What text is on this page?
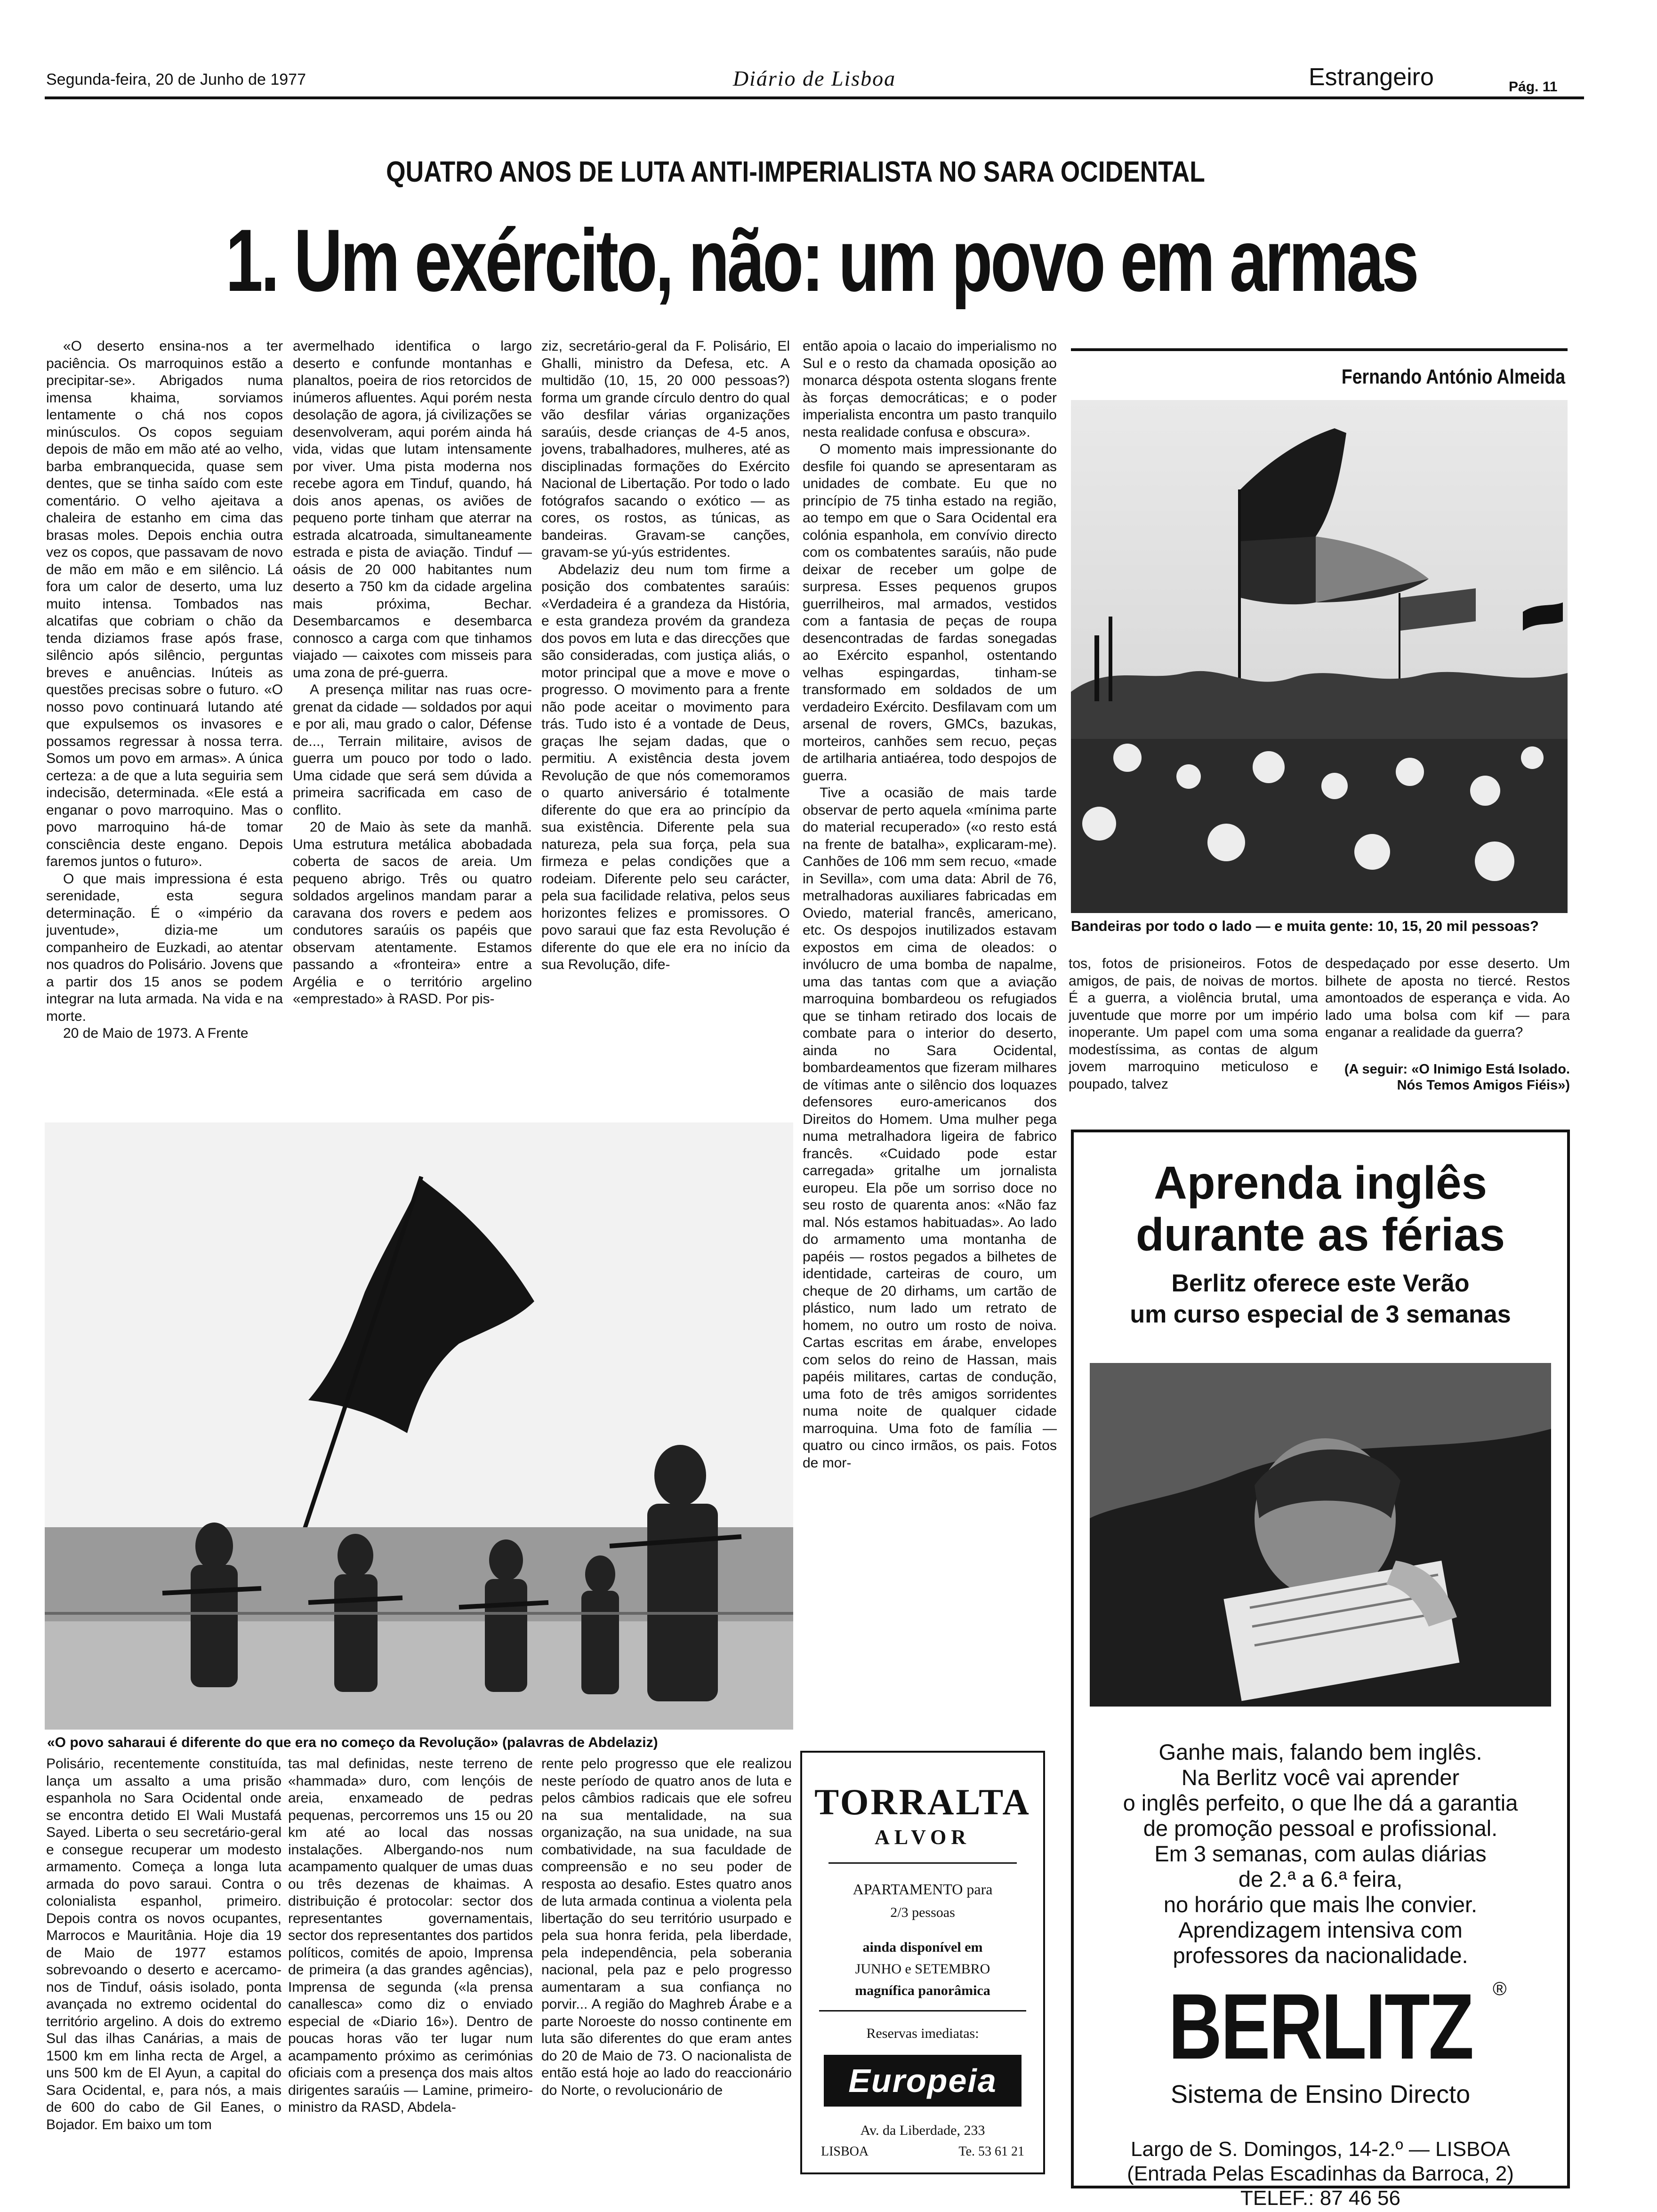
Segunda-feira, 20 de Junho de 1977	Diário de Lisboa	Estrangeiro	Pág. 11
QUATRO ANOS DE LUTA ANTI-IMPERIALISTA NO SARA OCIDENTAL
1. Um exército, não: um povo em armas

«O deserto ensina-nos a ter paciência. Os marroquinos estão a precipitar-se». Abrigados numa imensa khaima, sorviamos lentamente o chá nos copos minúsculos. Os copos seguiam depois de mão em mão até ao velho, barba embranquecida, quase sem dentes, que se tinha saído com este comentário. O velho ajeitava a chaleira de estanho em cima das brasas moles. Depois enchia outra vez os copos, que passavam de novo de mão em mão e em silêncio. Lá fora um calor de deserto, uma luz muito intensa. Tombados nas alcatifas que cobriam o chão da tenda diziamos frase após frase, silêncio após silêncio, perguntas breves e anuências. Inúteis as questões precisas sobre o futuro. «O nosso povo continuará lutando até que expulsemos os invasores e possamos regressar à nossa terra. Somos um povo em armas». A única certeza: a de que a luta seguiria sem indecisão, determinada. «Ele está a enganar o povo marroquino. Mas o povo marroquino há-de tomar consciência deste engano. Depois faremos juntos o futuro».

O que mais impressiona é esta serenidade, esta segura determinação. É o «império da juventude», dizia-me um companheiro de Euzkadi, ao atentar nos quadros do Polisário. Jovens que a partir dos 15 anos se podem integrar na luta armada. Na vida e na morte.

20 de Maio de 1973. A Frente

avermelhado identifica o largo deserto e confunde montanhas e planaltos, poeira de rios retorcidos de inúmeros afluentes. Aqui porém nesta desolação de agora, já civilizações se desenvolveram, aqui porém ainda há vida, vidas que lutam intensamente por viver. Uma pista moderna nos recebe agora em Tinduf, quando, há dois anos apenas, os aviões de pequeno porte tinham que aterrar na estrada alcatroada, simultaneamente estrada e pista de aviação. Tinduf — oásis de 20 000 habitantes num deserto a 750 km da cidade argelina mais próxima, Bechar. Desembarcamos e desembarca connosco a carga com que tinhamos viajado — caixotes com misseis para uma zona de pré-guerra.

A presença militar nas ruas ocre-grenat da cidade — soldados por aqui e por ali, mau grado o calor, Défense de..., Terrain militaire, avisos de guerra um pouco por todo o lado. Uma cidade que será sem dúvida a primeira sacrificada em caso de conflito.

20 de Maio às sete da manhã. Uma estrutura metálica abobadada coberta de sacos de areia. Um pequeno abrigo. Três ou quatro soldados argelinos mandam parar a caravana dos rovers e pedem aos condutores saraúis os papéis que observam atentamente. Estamos passando a «fronteira» entre a Argélia e o território argelino «emprestado» à RASD. Por pis-

ziz, secretário-geral da F. Polisário, El Ghalli, ministro da Defesa, etc. A multidão (10, 15, 20 000 pessoas?) forma um grande círculo dentro do qual vão desfilar várias organizações saraúis, desde crianças de 4-5 anos, jovens, trabalhadores, mulheres, até as disciplinadas formações do Exército Nacional de Libertação. Por todo o lado fotógrafos sacando o exótico — as cores, os rostos, as túnicas, as bandeiras. Gravam-se canções, gravam-se yú-yús estridentes.

Abdelaziz deu num tom firme a posição dos combatentes saraúis: «Verdadeira é a grandeza da História, e esta grandeza provém da grandeza dos povos em luta e das direcções que são consideradas, com justiça aliás, o motor principal que a move e move o progresso. O movimento para a frente não pode aceitar o movimento para trás. Tudo isto é a vontade de Deus, graças lhe sejam dadas, que o permitiu. A existência desta jovem Revolução de que nós comemoramos o quarto aniversário é totalmente diferente do que era ao princípio da sua existência. Diferente pela sua natureza, pela sua força, pela sua firmeza e pelas condições que a rodeiam. Diferente pelo seu carácter, pela sua facilidade relativa, pelos seus horizontes felizes e promissores. O povo saraui que faz esta Revolução é diferente do que ele era no início da sua Revolução, dife-

então apoia o lacaio do imperialismo no Sul e o resto da chamada oposição ao monarca déspota ostenta slogans frente às forças democráticas; e o poder imperialista encontra um pasto tranquilo nesta realidade confusa e obscura».

O momento mais impressionante do desfile foi quando se apresentaram as unidades de combate. Eu que no princípio de 75 tinha estado na região, ao tempo em que o Sara Ocidental era colónia espanhola, em convívio directo com os combatentes saraúis, não pude deixar de receber um golpe de surpresa. Esses pequenos grupos guerrilheiros, mal armados, vestidos com a fantasia de peças de roupa desencontradas de fardas sonegadas ao Exército espanhol, ostentando velhas espingardas, tinham-se transformado em soldados de um verdadeiro Exército. Desfilavam com um arsenal de rovers, GMCs, bazukas, morteiros, canhões sem recuo, peças de artilharia antiaérea, todo despojos de guerra.

Tive a ocasião de mais tarde observar de perto aquela «mínima parte do material recuperado» («o resto está na frente de batalha», explicaram-me). Canhões de 106 mm sem recuo, «made in Sevilla», com uma data: Abril de 76, metralhadoras auxiliares fabricadas em Oviedo, material francês, americano, etc. Os despojos inutilizados estavam expostos em cima de oleados: o invólucro de uma bomba de napalme, uma das tantas com que a aviação marroquina bombardeou os refugiados que se tinham retirado dos locais de combate para o interior do deserto, ainda no Sara Ocidental, bombardeamentos que fizeram milhares de vítimas ante o silêncio dos loquazes defensores euro-americanos dos Direitos do Homem. Uma mulher pega numa metralhadora ligeira de fabrico francês. «Cuidado pode estar carregada» gritalhe um jornalista europeu. Ela põe um sorriso doce no seu rosto de quarenta anos: «Não faz mal. Nós estamos habituadas». Ao lado do armamento uma montanha de papéis — rostos pegados a bilhetes de identidade, carteiras de couro, um cheque de 20 dirhams, um cartão de plástico, num lado um retrato de homem, no outro um rosto de noiva. Cartas escritas em árabe, envelopes com selos do reino de Hassan, mais papéis militares, cartas de condução, uma foto de três amigos sorridentes numa noite de qualquer cidade marroquina. Uma foto de família — quatro ou cinco irmãos, os pais. Fotos de mor-

Fernando António Almeida
Bandeiras por todo o lado — e muita gente: 10, 15, 20 mil pessoas?

tos, fotos de prisioneiros. Fotos de amigos, de pais, de noivas de mortos. É a guerra, a violência brutal, uma juventude que morre por um império inoperante. Um papel com uma soma modestíssima, as contas de algum jovem marroquino meticuloso e poupado, talvez

despedaçado por esse deserto. Um bilhete de aposta no tiercé. Restos amontoados de esperança e vida. Ao lado uma bolsa com kif — para enganar a realidade da guerra?

(A seguir: «O Inimigo Está Isolado. Nós Temos Amigos Fiéis»)
«O povo saharaui é diferente do que era no começo da Revolução» (palavras de Abdelaziz)

Polisário, recentemente constituída, lança um assalto a uma prisão espanhola no Sara Ocidental onde se encontra detido El Wali Mustafá Sayed. Liberta o seu secretário-geral e consegue recuperar um modesto armamento. Começa a longa luta armada do povo saraui. Contra o colonialista espanhol, primeiro. Depois contra os novos ocupantes, Marrocos e Mauritânia. Hoje dia 19 de Maio de 1977 estamos sobrevoando o deserto e acercamo-nos de Tinduf, oásis isolado, ponta avançada no extremo ocidental do território argelino. A dois do extremo Sul das ilhas Canárias, a mais de 1500 km em linha recta de Argel, a uns 500 km de El Ayun, a capital do Sara Ocidental, e, para nós, a mais de 600 do cabo de Gil Eanes, o Bojador. Em baixo um tom

tas mal definidas, neste terreno de «hammada» duro, com lençóis de areia, enxameado de pedras pequenas, percorremos uns 15 ou 20 km até ao local das nossas instalações. Albergando-nos num acampamento qualquer de umas duas ou três dezenas de khaimas. A distribuição é protocolar: sector dos representantes governamentais, sector dos representantes dos partidos políticos, comités de apoio, Imprensa de primeira (a das grandes agências), Imprensa de segunda («la prensa canallesca» como diz o enviado especial de «Diario 16»). Dentro de poucas horas vão ter lugar num acampamento próximo as cerimónias oficiais com a presença dos mais altos dirigentes saraúis — Lamine, primeiro-ministro da RASD, Abdela-

rente pelo progresso que ele realizou neste período de quatro anos de luta e pelos câmbios radicais que ele sofreu na sua mentalidade, na sua organização, na sua unidade, na sua combatividade, na sua faculdade de compreensão e no seu poder de resposta ao desafio. Estes quatro anos de luta armada continua a violenta pela libertação do seu território usurpado e pela sua honra ferida, pela liberdade, pela independência, pela soberania nacional, pela paz e pelo progresso aumentaram a sua confiança no porvir... A região do Maghreb Árabe e a parte Noroeste do nosso continente em luta são diferentes do que eram antes do 20 de Maio de 73. O nacionalista de então está hoje ao lado do reaccionário do Norte, o revolucionário de

Aprenda inglês
durante as férias
Berlitz oferece este Verão
um curso especial de 3 semanas
Ganhe mais, falando bem inglês.
Na Berlitz você vai aprender
o inglês perfeito, o que lhe dá a garantia
de promoção pessoal e profissional.
Em 3 semanas, com aulas diárias
de 2.ª a 6.ª feira,
no horário que mais lhe convier.
Aprendizagem intensiva com
professores da nacionalidade.
BERLITZ	®
Sistema de Ensino Directo
Largo de S. Domingos, 14-2.º — LISBOA
(Entrada Pelas Escadinhas da Barroca, 2)
TELEF.: 87 46 56
TORRALTA
ALVOR
APARTAMENTO para
2/3 pessoas
ainda disponível em
JUNHO e SETEMBRO
magnífica panorâmica
Reservas imediatas:
Europeia
Av. da Liberdade, 233
LISBOA	Te. 53 61 21
